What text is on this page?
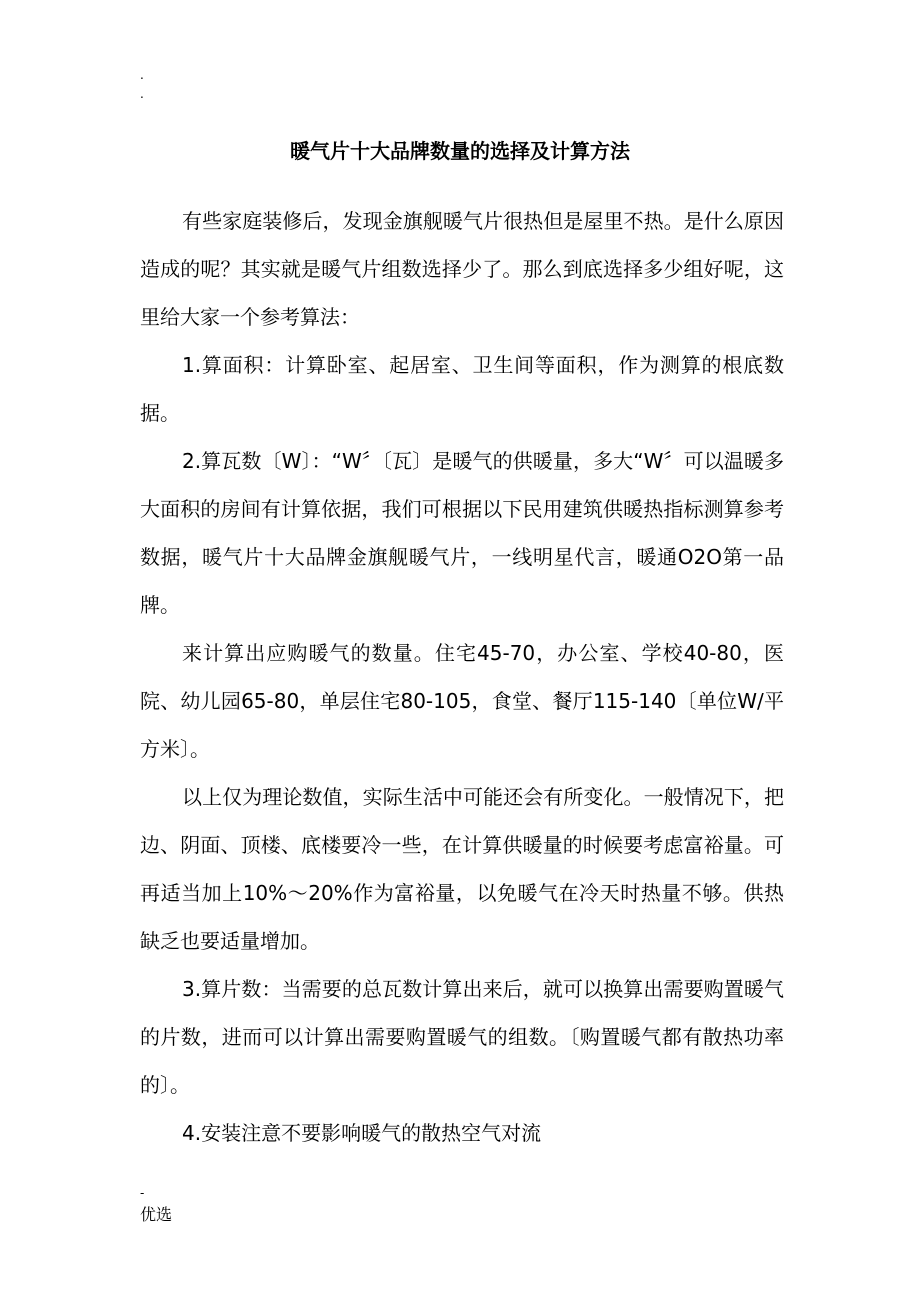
.
.
暖气片十大品牌数量的选择及计算方法

有些家庭装修后，发现金旗舰暖气片很热但是屋里不热。是什么原因造成的呢？其实就是暖气片组数选择少了。那么到底选择多少组好呢，这里给大家一个参考算法：

1.算面积：计算卧室、起居室、卫生间等面积，作为测算的根底数据。

2.算瓦数〔W〕：“W〞〔瓦〕是暖气的供暖量，多大“W〞可以温暖多大面积的房间有计算依据，我们可根据以下民用建筑供暖热指标测算参考数据，暖气片十大品牌金旗舰暖气片，一线明星代言，暖通O2O第一品牌。

来计算出应购暖气的数量。住宅45-70，办公室、学校40-80，医院、幼儿园65-80，单层住宅80-105，食堂、餐厅115-140〔单位W/平方米〕。

以上仅为理论数值，实际生活中可能还会有所变化。一般情况下，把边、阴面、顶楼、底楼要冷一些，在计算供暖量的时候要考虑富裕量。可再适当加上10%～20%作为富裕量，以免暖气在冷天时热量不够。供热缺乏也要适量增加。

3.算片数：当需要的总瓦数计算出来后，就可以换算出需要购置暖气的片数，进而可以计算出需要购置暖气的组数。〔购置暖气都有散热功率的〕。

4.安装注意不要影响暖气的散热空气对流

-
优选
